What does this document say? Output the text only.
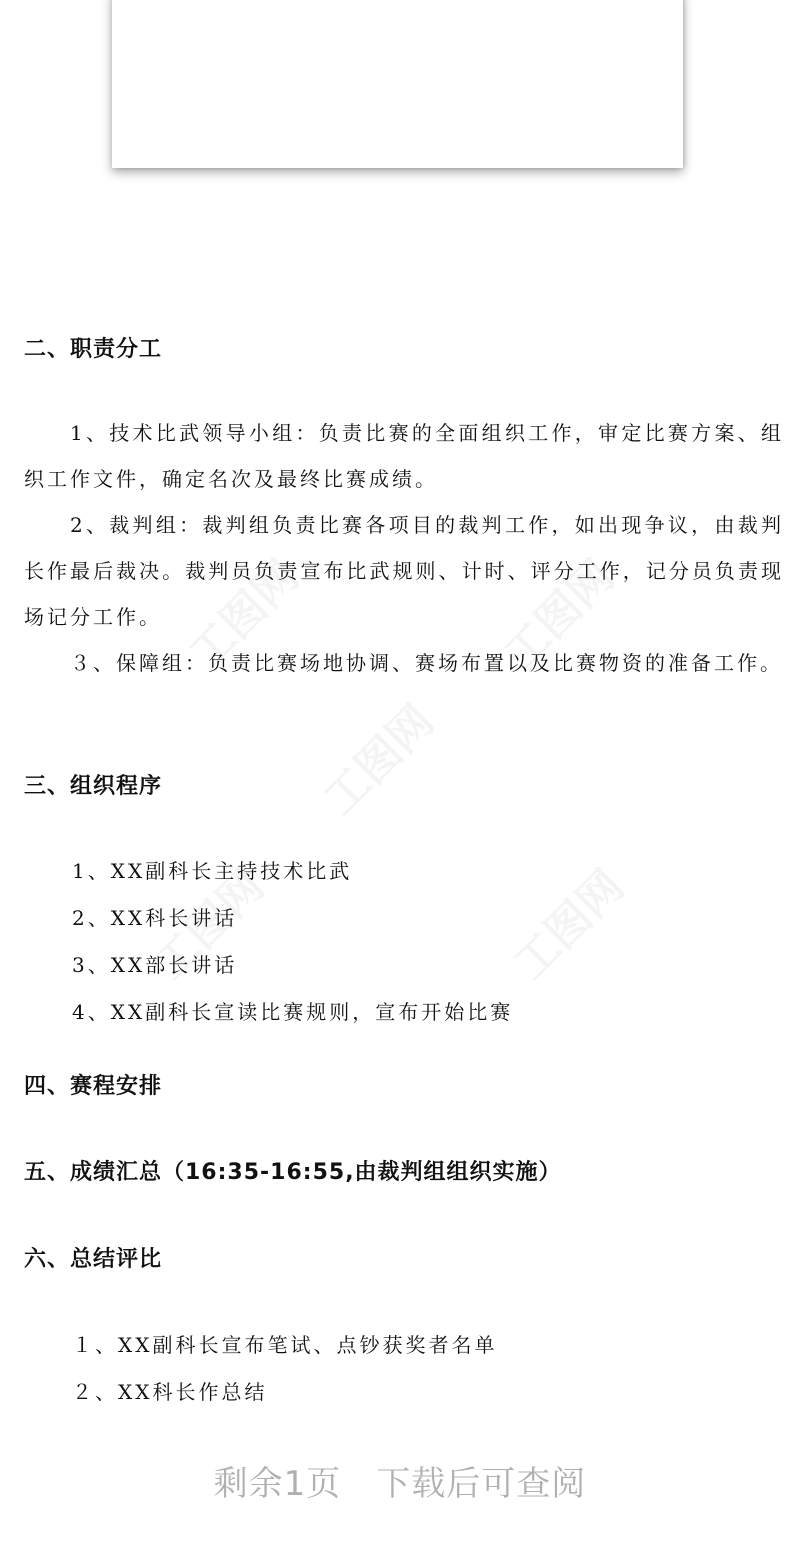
二、职责分工
1、技术比武领导小组：负责比赛的全面组织工作，审定比赛方案、组织工作文件，确定名次及最终比赛成绩。
2、裁判组：裁判组负责比赛各项目的裁判工作，如出现争议，由裁判长作最后裁决。裁判员负责宣布比武规则、计时、评分工作，记分员负责现场记分工作。
３、保障组：负责比赛场地协调、赛场布置以及比赛物资的准备工作。
三、组织程序
1、XX副科长主持技术比武
2、XX科长讲话
3、XX部长讲话
4、XX副科长宣读比赛规则，宣布开始比赛
四、赛程安排
五、成绩汇总（16:35-16:55,由裁判组组织实施）
六、总结评比
１、XX副科长宣布笔试、点钞获奖者名单
２、XX科长作总结
剩余1页　下载后可查阅
